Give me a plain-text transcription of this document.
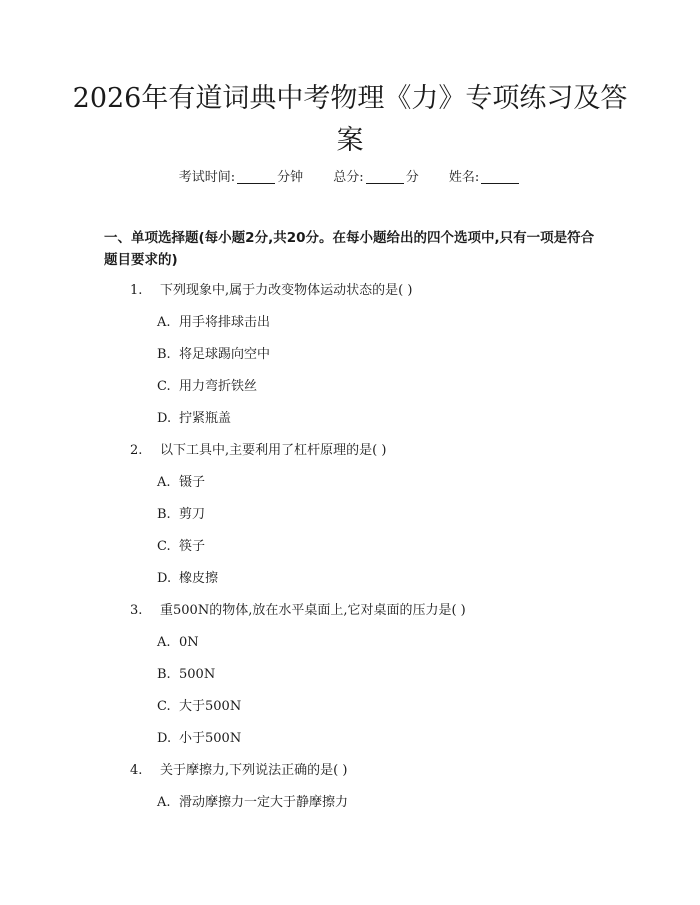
2026年有道词典中考物理《力》专项练习及答案
考试时间:	分钟 总分:	分 姓名:
一、单项选择题(每小题2分,共20分。在每小题给出的四个选项中,只有一项是符合题目要求的)
1. 下列现象中,属于力改变物体运动状态的是( )
A. 用手将排球击出
B. 将足球踢向空中
C. 用力弯折铁丝
D. 拧紧瓶盖
2. 以下工具中,主要利用了杠杆原理的是( )
A. 镊子
B. 剪刀
C. 筷子
D. 橡皮擦
3. 重500N的物体,放在水平桌面上,它对桌面的压力是( )
A. 0N
B. 500N
C. 大于500N
D. 小于500N
4. 关于摩擦力,下列说法正确的是( )
A. 滑动摩擦力一定大于静摩擦力
